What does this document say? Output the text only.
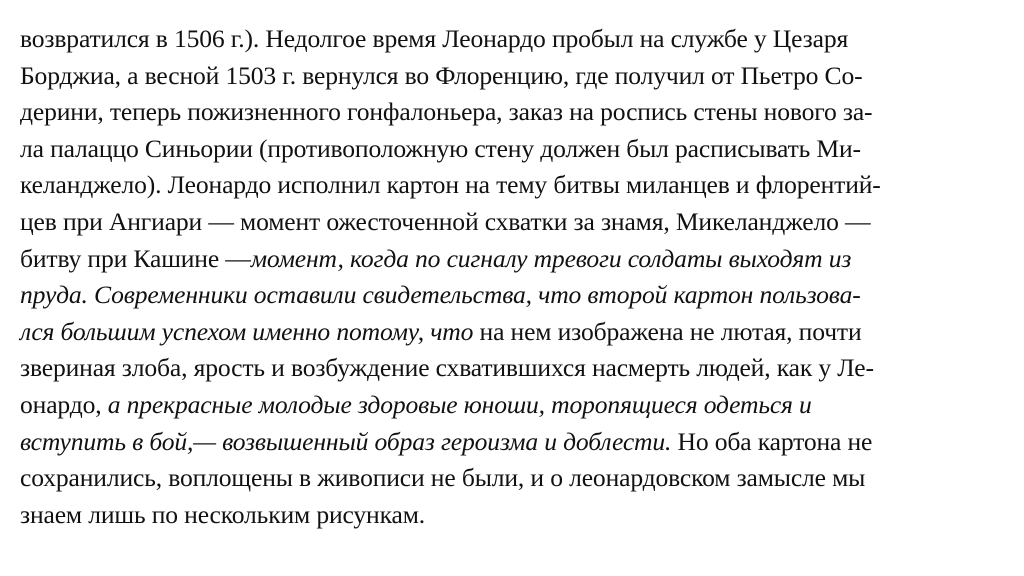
возвратился в 1506 г.). Недолгое время Леонардо пробыл на службе у Цезаря
Борджиа, а весной 1503 г. вернулся во Флоренцию, где получил от Пьетро Со-
дерини, теперь пожизненного гонфалоньера, заказ на роспись стены нового за-
ла палаццо Синьории (противоположную стену должен был расписывать Ми-
келанджело). Леонардо исполнил картон на тему битвы миланцев и флорентий-
цев при Ангиари — момент ожесточенной схватки за знамя, Микеланджело —
битву при Кашине —момент, когда по сигналу тревоги солдаты выходят из
пруда. Современники оставили свидетельства, что второй картон пользова-
лся большим успехом именно потому, что на нем изображена не лютая, почти
звериная злоба, ярость и возбуждение схватившихся насмерть людей, как у Ле-
онардо, а прекрасные молодые здоровые юноши, торопящиеся одеться и
вступить в бой,— возвышенный образ героизма и доблести. Но оба картона не
сохранились, воплощены в живописи не были, и о леонардовском замысле мы
знаем лишь по нескольким рисункам.
